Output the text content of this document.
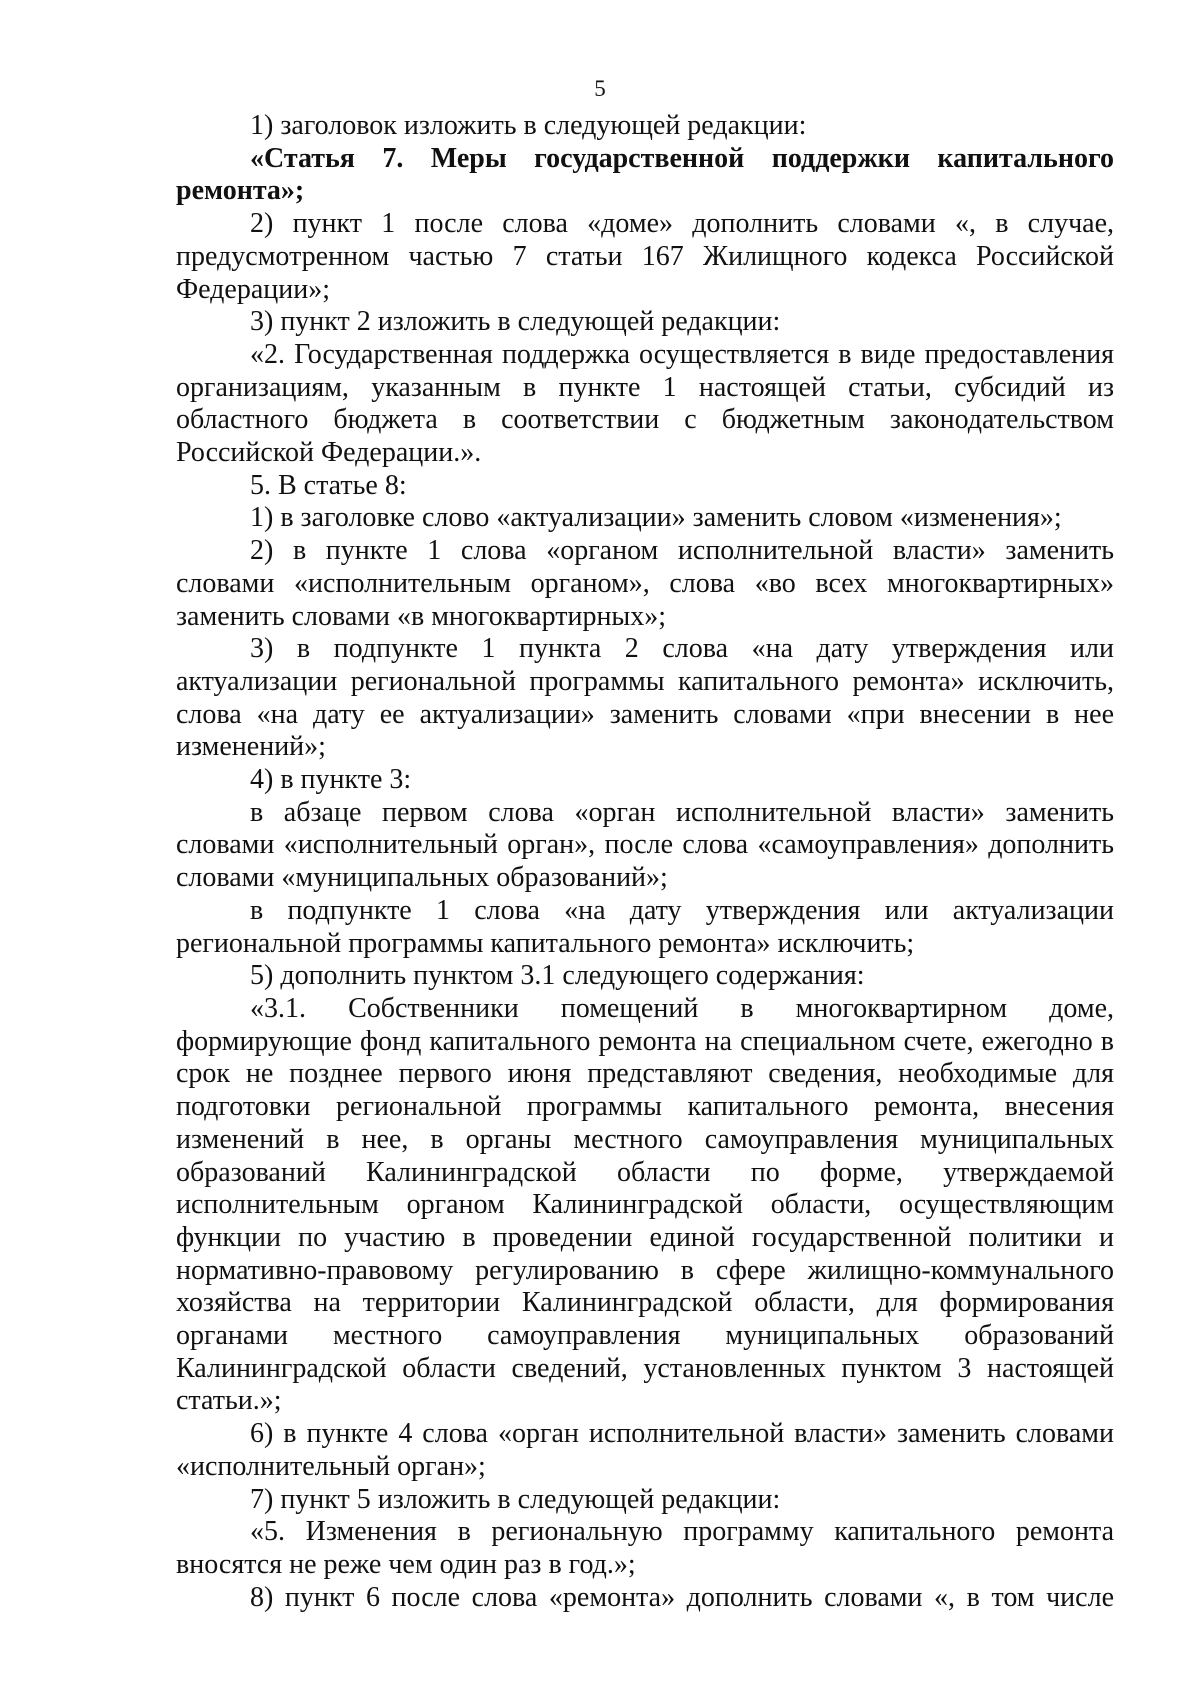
5

1) заголовок изложить в следующей редакции:

«Статья 7. Меры государственной поддержки капитального ремонта»;

2) пункт 1 после слова «доме» дополнить словами «, в случае, предусмотренном частью 7 статьи 167 Жилищного кодекса Российской Федерации»;

3) пункт 2 изложить в следующей редакции:

«2. Государственная поддержка осуществляется в виде предоставления организациям, указанным в пункте 1 настоящей статьи, субсидий из областного бюджета в соответствии с бюджетным законодательством Российской Федерации.».

5. В статье 8:

1) в заголовке слово «актуализации» заменить словом «изменения»;

2) в пункте 1 слова «органом исполнительной власти» заменить словами «исполнительным органом», слова «во всех многоквартирных» заменить словами «в многоквартирных»;

3) в подпункте 1 пункта 2 слова «на дату утверждения или актуализации региональной программы капитального ремонта» исключить, слова «на дату ее актуализации» заменить словами «при внесении в нее изменений»;

4) в пункте 3:

в абзаце первом слова «орган исполнительной власти» заменить словами «исполнительный орган», после слова «самоуправления» дополнить словами «муниципальных образований»;

в подпункте 1 слова «на дату утверждения или актуализации региональной программы капитального ремонта» исключить;

5) дополнить пунктом 3.1 следующего содержания:

«3.1. Собственники помещений в многоквартирном доме, формирующие фонд капитального ремонта на специальном счете, ежегодно в срок не позднее первого июня представляют сведения, необходимые для подготовки региональной программы капитального ремонта, внесения изменений в нее, в органы местного самоуправления муниципальных образований Калининградской области по форме, утверждаемой исполнительным органом Калининградской области, осуществляющим функции по участию в проведении единой государственной политики и нормативно-правовому регулированию в сфере жилищно-коммунального хозяйства на территории Калининградской области, для формирования органами местного самоуправления муниципальных образований Калининградской области сведений, установленных пунктом 3 настоящей статьи.»;

6) в пункте 4 слова «орган исполнительной власти» заменить словами «исполнительный орган»;

7) пункт 5 изложить в следующей редакции:

«5. Изменения в региональную программу капитального ремонта вносятся не реже чем один раз в год.»;

8) пункт 6 после слова «ремонта» дополнить словами «, в том числе
